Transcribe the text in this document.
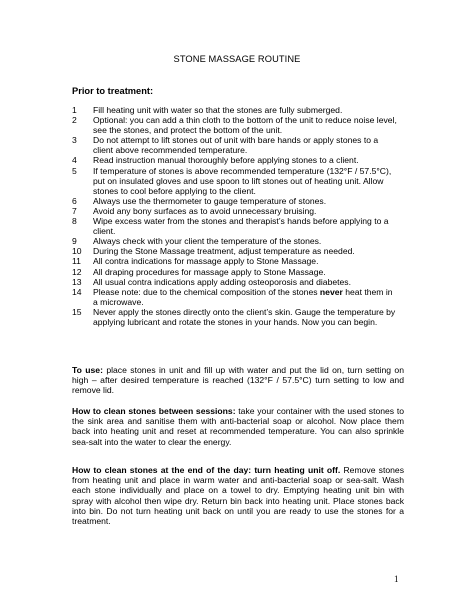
STONE MASSAGE ROUTINE
Prior to treatment:
1 Fill heating unit with water so that the stones are fully submerged.
2 Optional: you can add a thin cloth to the bottom of the unit to reduce noise level, see the stones, and protect the bottom of the unit.
3 Do not attempt to lift stones out of unit with bare hands or apply stones to a client above recommended temperature.
4 Read instruction manual thoroughly before applying stones to a client.
5 If temperature of stones is above recommended temperature (132°F / 57.5°C), put on insulated gloves and use spoon to lift stones out of heating unit. Allow stones to cool before applying to the client.
6 Always use the thermometer to gauge temperature of stones.
7 Avoid any bony surfaces as to avoid unnecessary bruising.
8 Wipe excess water from the stones and therapist’s hands before applying to a client.
9 Always check with your client the temperature of the stones.
10 During the Stone Massage treatment, adjust temperature as needed.
11 All contra indications for massage apply to Stone Massage.
12 All draping procedures for massage apply to Stone Massage.
13 All usual contra indications apply adding osteoporosis and diabetes.
14 Please note: due to the chemical composition of the stones never heat them in a microwave.
15 Never apply the stones directly onto the client’s skin. Gauge the temperature by applying lubricant and rotate the stones in your hands. Now you can begin.

To use: place stones in unit and fill up with water and put the lid on, turn setting on high – after desired temperature is reached (132°F / 57.5°C) turn setting to low and remove lid.

How to clean stones between sessions: take your container with the used stones to the sink area and sanitise them with anti-bacterial soap or alcohol. Now place them back into heating unit and reset at recommended temperature. You can also sprinkle sea-salt into the water to clear the energy.

How to clean stones at the end of the day: turn heating unit off. Remove stones from heating unit and place in warm water and anti-bacterial soap or sea-salt. Wash each stone individually and place on a towel to dry. Emptying heating unit bin with spray with alcohol then wipe dry. Return bin back into heating unit. Place stones back into bin. Do not turn heating unit back on until you are ready to use the stones for a treatment.

1
